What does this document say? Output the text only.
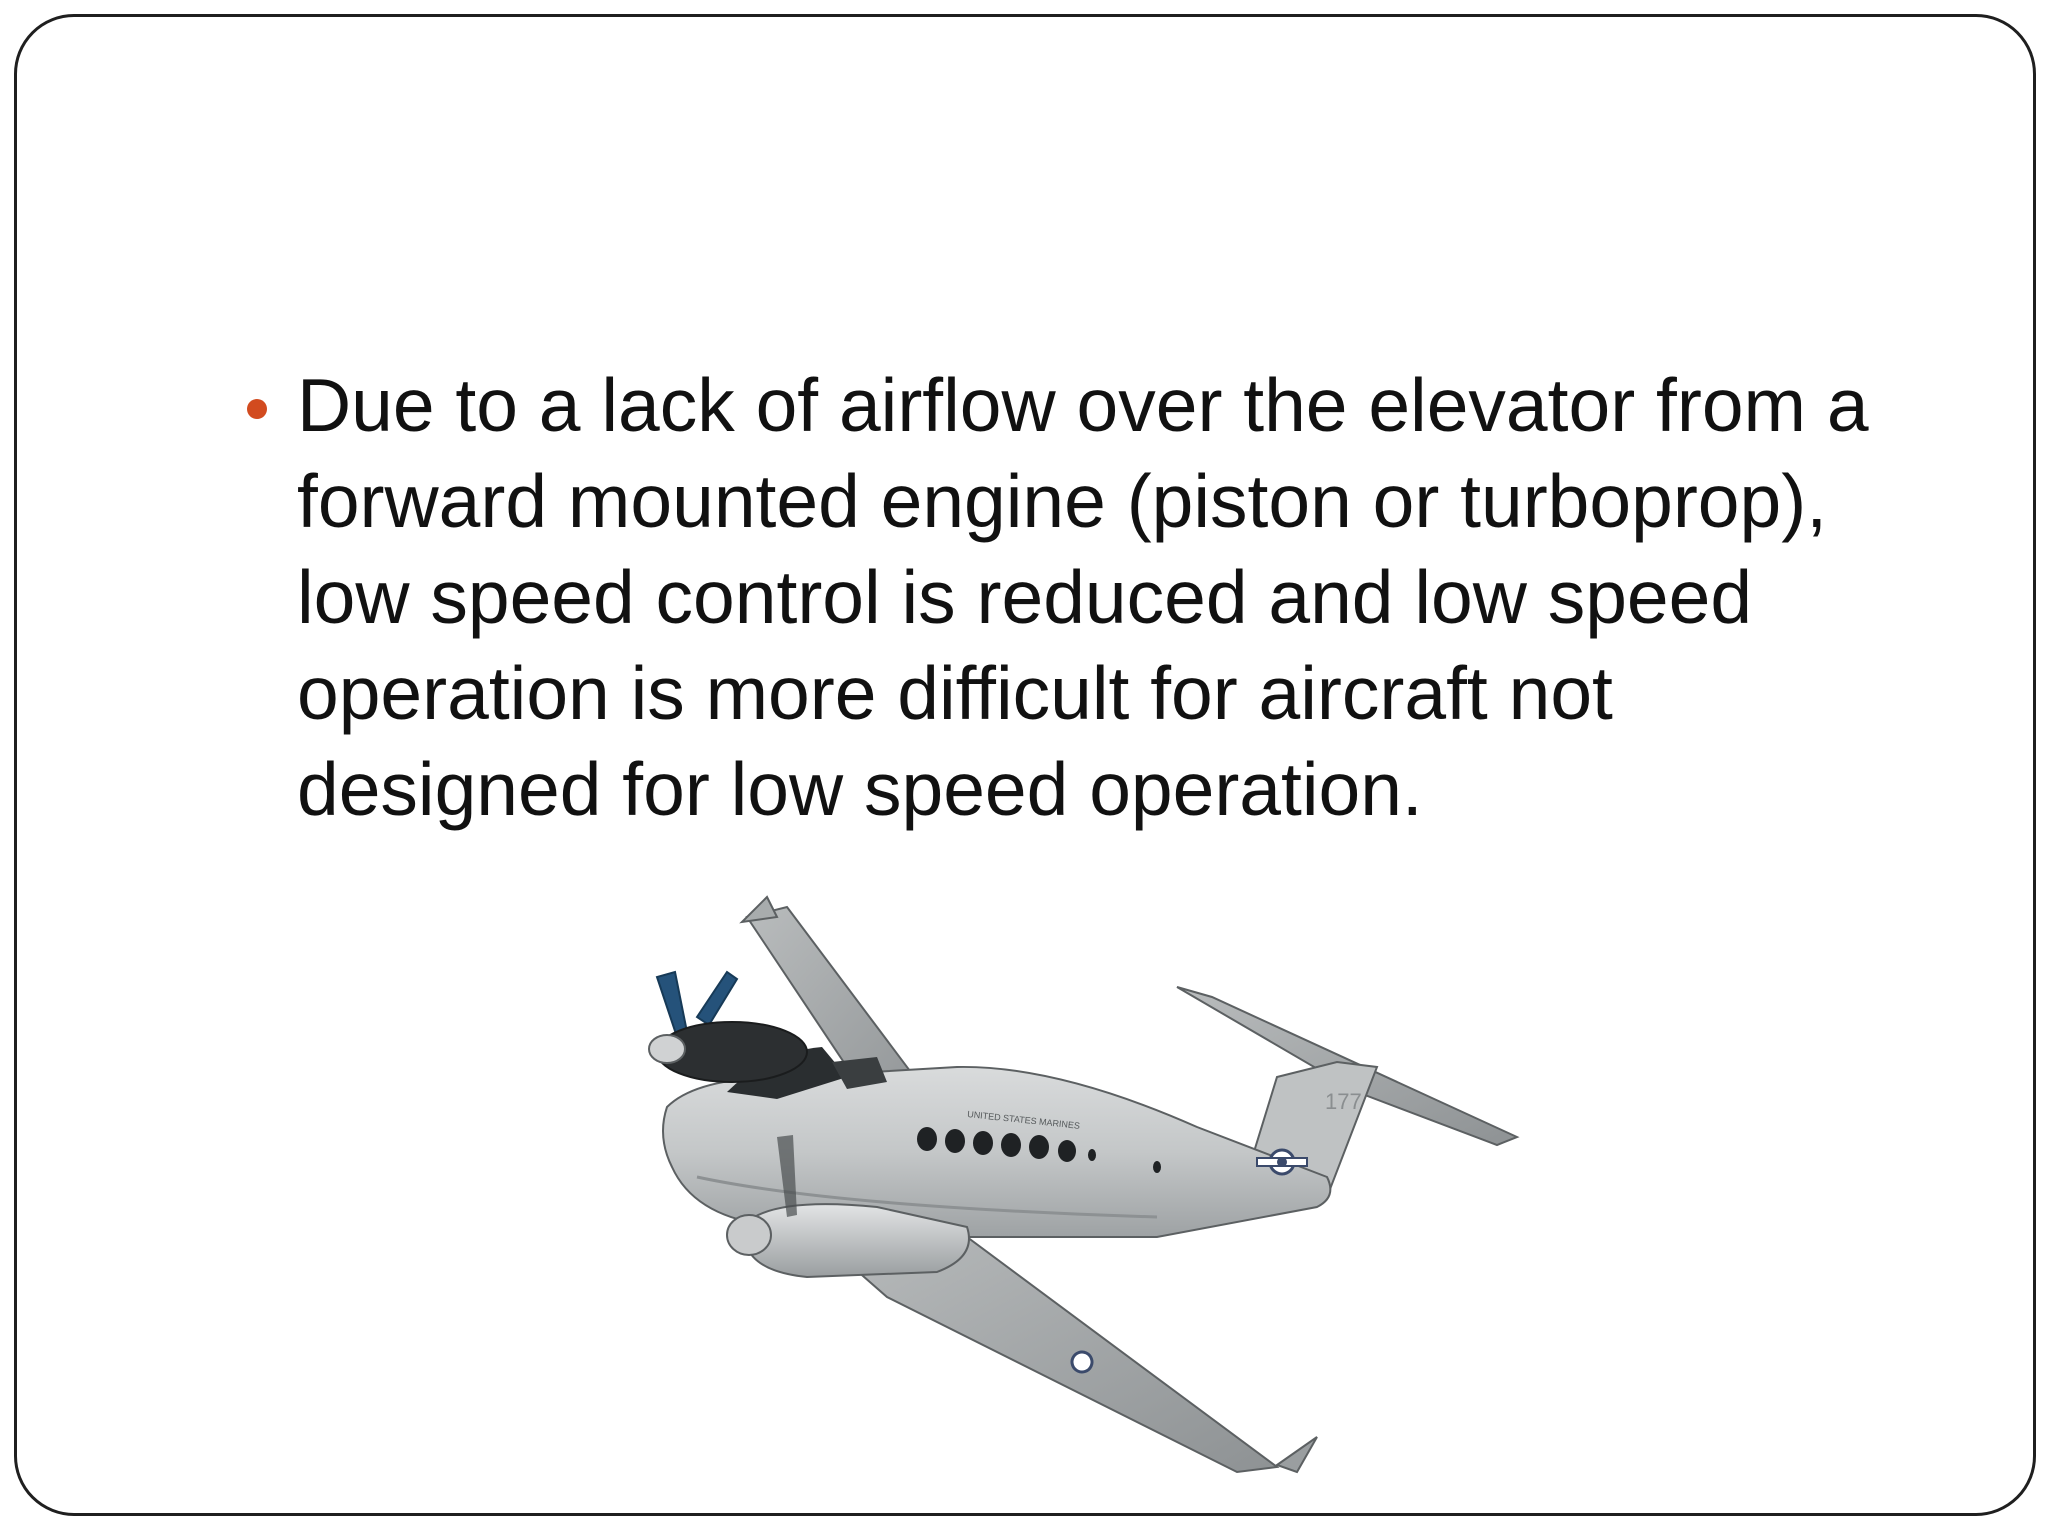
Due to a lack of airflow over the elevator from a forward mounted engine (piston or turboprop), low speed control is reduced and low speed operation is more difficult for aircraft not designed for low speed operation.
177
UNITED STATES MARINES
